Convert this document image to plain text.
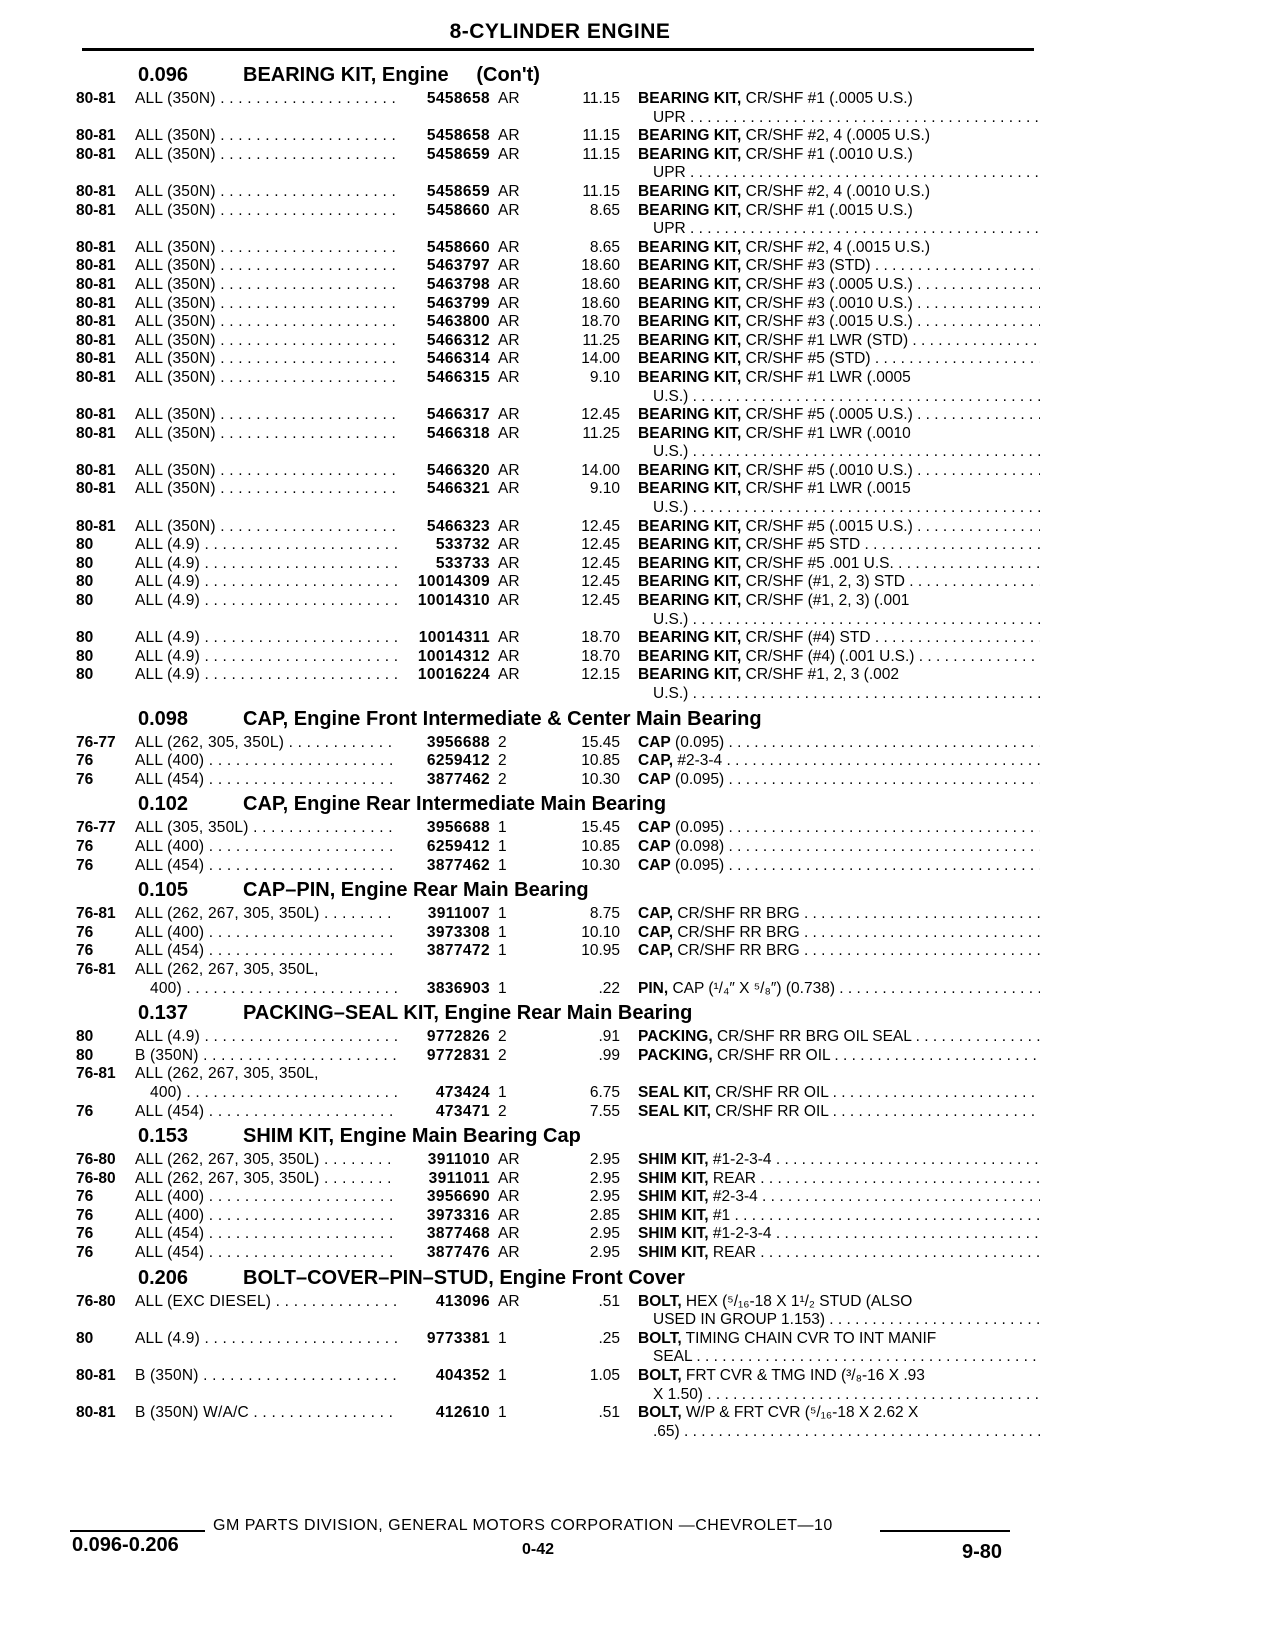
8-CYLINDER ENGINE
0.096	BEARING KIT, Engine     (Con't)
80-81	ALL (350N) . . .	5458658 AR	11.15 BEARING KIT, CR/SHF #1 (.0005 U.S.)
UPR . . .
80-81	ALL (350N) . . .	5458658 AR	11.15 BEARING KIT, CR/SHF #2, 4 (.0005 U.S.)
80-81	ALL (350N) . . .	5458659 AR	11.15 BEARING KIT, CR/SHF #1 (.0010 U.S.)
UPR . . .
80-81	ALL (350N) . . .	5458659 AR	11.15 BEARING KIT, CR/SHF #2, 4 (.0010 U.S.)
80-81	ALL (350N) . . .	5458660 AR	8.65 BEARING KIT, CR/SHF #1 (.0015 U.S.)
UPR . . .
80-81	ALL (350N) . . .	5458660 AR	8.65 BEARING KIT, CR/SHF #2, 4 (.0015 U.S.)
80-81	ALL (350N) . . .	5463797 AR	18.60 BEARING KIT, CR/SHF #3 (STD) . . .
80-81	ALL (350N) . . .	5463798 AR	18.60 BEARING KIT, CR/SHF #3 (.0005 U.S.) . . .
80-81	ALL (350N) . . .	5463799 AR	18.60 BEARING KIT, CR/SHF #3 (.0010 U.S.) . . .
80-81	ALL (350N) . . .	5463800 AR	18.70 BEARING KIT, CR/SHF #3 (.0015 U.S.) . . .
80-81	ALL (350N) . . .	5466312 AR	11.25 BEARING KIT, CR/SHF #1 LWR (STD) . . .
80-81	ALL (350N) . . .	5466314 AR	14.00 BEARING KIT, CR/SHF #5 (STD) . . .
80-81	ALL (350N) . . .	5466315 AR	9.10 BEARING KIT, CR/SHF #1 LWR (.0005
U.S.) . . .
80-81	ALL (350N) . . .	5466317 AR	12.45 BEARING KIT, CR/SHF #5 (.0005 U.S.) . . .
80-81	ALL (350N) . . .	5466318 AR	11.25 BEARING KIT, CR/SHF #1 LWR (.0010
U.S.) . . .
80-81	ALL (350N) . . .	5466320 AR	14.00 BEARING KIT, CR/SHF #5 (.0010 U.S.) . . .
80-81	ALL (350N) . . .	5466321 AR	9.10 BEARING KIT, CR/SHF #1 LWR (.0015
U.S.) . . .
80-81	ALL (350N) . . .	5466323 AR	12.45 BEARING KIT, CR/SHF #5 (.0015 U.S.) . . .
80	ALL (4.9) . . .	533732 AR	12.45 BEARING KIT, CR/SHF #5 STD . . .
80	ALL (4.9) . . .	533733 AR	12.45 BEARING KIT, CR/SHF #5 .001 U.S. . . .
80	ALL (4.9) . . .	10014309 AR	12.45 BEARING KIT, CR/SHF (#1, 2, 3) STD . . .
80	ALL (4.9) . . .	10014310 AR	12.45 BEARING KIT, CR/SHF (#1, 2, 3) (.001
U.S.) . . .
80	ALL (4.9) . . .	10014311 AR	18.70 BEARING KIT, CR/SHF (#4) STD . . .
80	ALL (4.9) . . .	10014312 AR	18.70 BEARING KIT, CR/SHF (#4) (.001 U.S.) . . .
80	ALL (4.9) . . .	10016224 AR	12.15 BEARING KIT, CR/SHF #1, 2, 3 (.002
U.S.) . . .
0.098	CAP, Engine Front Intermediate & Center Main Bearing
76-77	ALL (262, 305, 350L) . . .	3956688 2	15.45 CAP (0.095) . . .
76	ALL (400) . . .	6259412 2	10.85 CAP, #2-3-4 . . .
76	ALL (454) . . .	3877462 2	10.30 CAP (0.095) . . .
0.102	CAP, Engine Rear Intermediate Main Bearing
76-77	ALL (305, 350L) . . .	3956688 1	15.45 CAP (0.095) . . .
76	ALL (400) . . .	6259412 1	10.85 CAP (0.098) . . .
76	ALL (454) . . .	3877462 1	10.30 CAP (0.095) . . .
0.105	CAP–PIN, Engine Rear Main Bearing
76-81	ALL (262, 267, 305, 350L) . . .	3911007 1	8.75 CAP, CR/SHF RR BRG . . .
76	ALL (400) . . .	3973308 1	10.10 CAP, CR/SHF RR BRG . . .
76	ALL (454) . . .	3877472 1	10.95 CAP, CR/SHF RR BRG . . .
76-81	ALL (262, 267, 305, 350L,
400) . . .	3836903 1	.22 PIN, CAP (¹/₄″ X ⁵/₈″) (0.738) . . .
0.137	PACKING–SEAL KIT, Engine Rear Main Bearing
80	ALL (4.9) . . .	9772826 2	.91 PACKING, CR/SHF RR BRG OIL SEAL . . .
80	B (350N) . . .	9772831 2	.99 PACKING, CR/SHF RR OIL . . .
76-81	ALL (262, 267, 305, 350L,
400) . . .	473424 1	6.75 SEAL KIT, CR/SHF RR OIL . . .
76	ALL (454) . . .	473471 2	7.55 SEAL KIT, CR/SHF RR OIL . . .
0.153	SHIM KIT, Engine Main Bearing Cap
76-80	ALL (262, 267, 305, 350L) . . .	3911010 AR	2.95 SHIM KIT, #1-2-3-4 . . .
76-80	ALL (262, 267, 305, 350L) . . .	3911011 AR	2.95 SHIM KIT, REAR . . .
76	ALL (400) . . .	3956690 AR	2.95 SHIM KIT, #2-3-4 . . .
76	ALL (400) . . .	3973316 AR	2.85 SHIM KIT, #1 . . .
76	ALL (454) . . .	3877468 AR	2.95 SHIM KIT, #1-2-3-4 . . .
76	ALL (454) . . .	3877476 AR	2.95 SHIM KIT, REAR . . .
0.206	BOLT–COVER–PIN–STUD, Engine Front Cover
76-80	ALL (EXC DIESEL) . . .	413096 AR	.51 BOLT, HEX (⁵/₁₆-18 X 1¹/₂ STUD (ALSO
USED IN GROUP 1.153) . . .
80	ALL (4.9) . . .	9773381 1	.25 BOLT, TIMING CHAIN CVR TO INT MANIF
SEAL . . .
80-81	B (350N) . . .	404352 1	1.05 BOLT, FRT CVR & TMG IND (³/₈-16 X .93
X 1.50) . . .
80-81	B (350N) W/A/C . . .	412610 1	.51 BOLT, W/P & FRT CVR (⁵/₁₆-18 X 2.62 X
.65) . . .
GM PARTS DIVISION, GENERAL MOTORS CORPORATION —CHEVROLET—10
0.096-0.206	0-42	9-80
